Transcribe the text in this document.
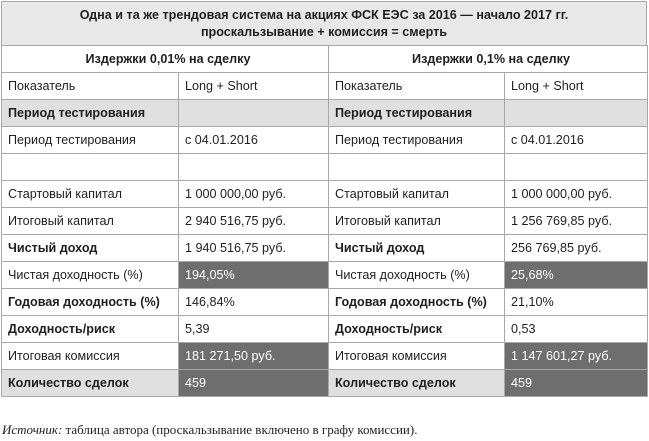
Одна и та же трендовая система на акциях ФСК ЕЭС за 2016 — начало 2017 гг.
проскальзывание + комиссия = смерть
Издержки 0,01% на сделку		Издержки 0,1% на сделку	
Показатель	Long + Short	Показатель	Long + Short
Период тестирования		Период тестирования	
Период тестирования	с 04.01.2016	Период тестирования	с 04.01.2016

Стартовый капитал	1 000 000,00 руб.	Стартовый капитал	1 000 000,00 руб.
Итоговый капитал	2 940 516,75 руб.	Итоговый капитал	1 256 769,85 руб.
Чистый доход	1 940 516,75 руб.	Чистый доход	256 769,85 руб.
Чистая доходность (%)	194,05%	Чистая доходность (%)	25,68%
Годовая доходность (%)	146,84%	Годовая доходность (%)	21,10%
Доходность/риск	5,39	Доходность/риск	0,53
Итоговая комиссия	181 271,50 руб.	Итоговая комиссия	1 147 601,27 руб.
Количество сделок	459	Количество сделок	459
Источник: таблица автора (проскальзывание включено в графу комиссии).
